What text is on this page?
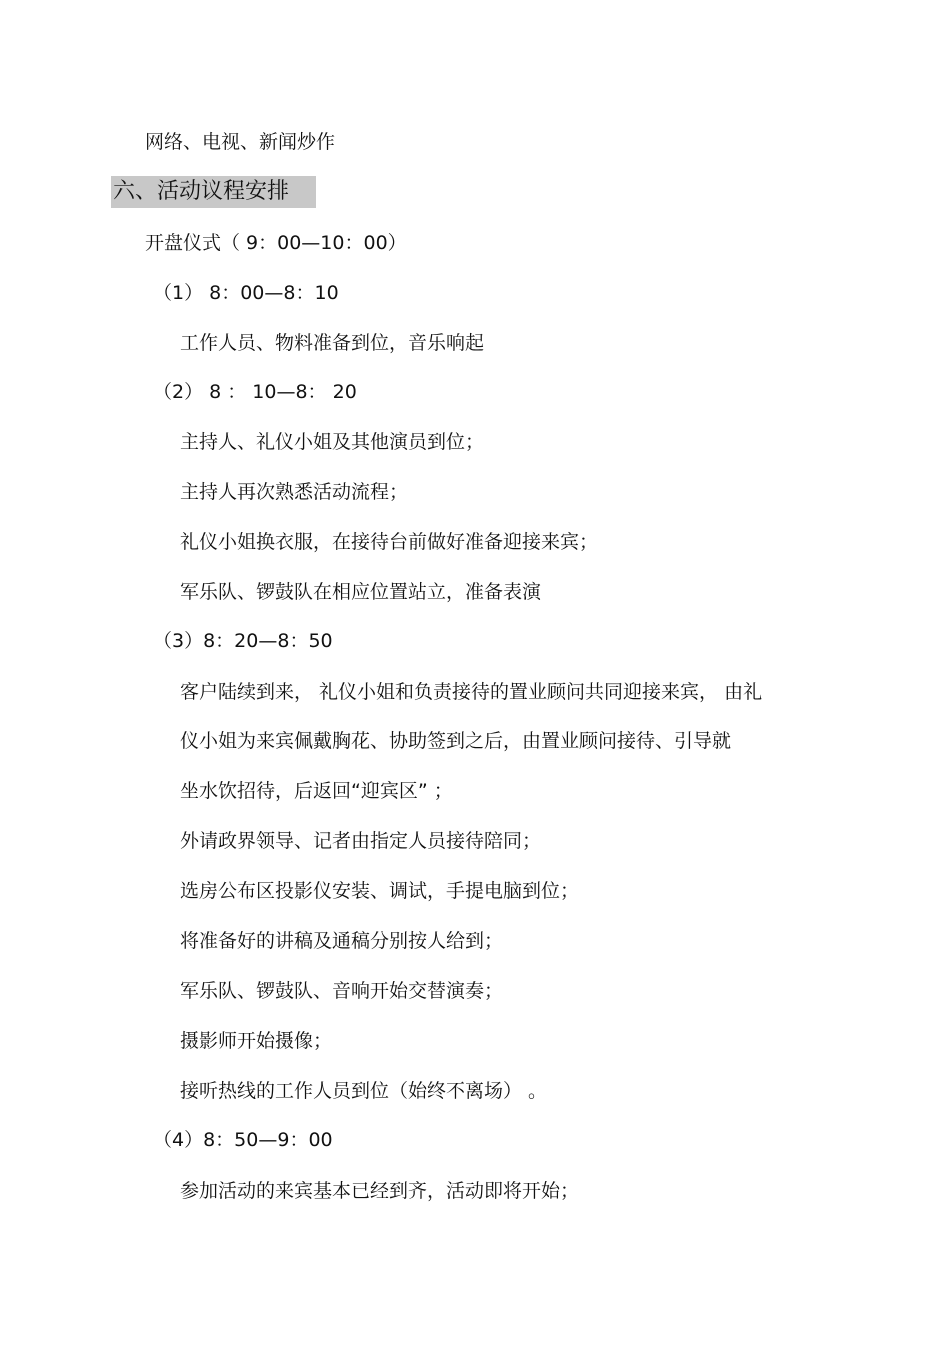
网络、电视、新闻炒作
六、活动议程安排
开盘仪式（ 9：00—10：00）
（1） 8：00—8：10
工作人员、物料准备到位，音乐响起
（2） 8 ： 10—8： 20
主持人、礼仪小姐及其他演员到位；
主持人再次熟悉活动流程；
礼仪小姐换衣服，在接待台前做好准备迎接来宾；
军乐队、锣鼓队在相应位置站立，准备表演
（3）8：20—8：50
客户陆续到来， 礼仪小姐和负责接待的置业顾问共同迎接来宾， 由礼
仪小姐为来宾佩戴胸花、协助签到之后，由置业顾问接待、引导就
坐水饮招待，后返回“迎宾区” ；
外请政界领导、记者由指定人员接待陪同；
选房公布区投影仪安装、调试，手提电脑到位；
将准备好的讲稿及通稿分别按人给到；
军乐队、锣鼓队、音响开始交替演奏；
摄影师开始摄像；
接听热线的工作人员到位（始终不离场） 。
（4）8：50—9：00
参加活动的来宾基本已经到齐，活动即将开始；
